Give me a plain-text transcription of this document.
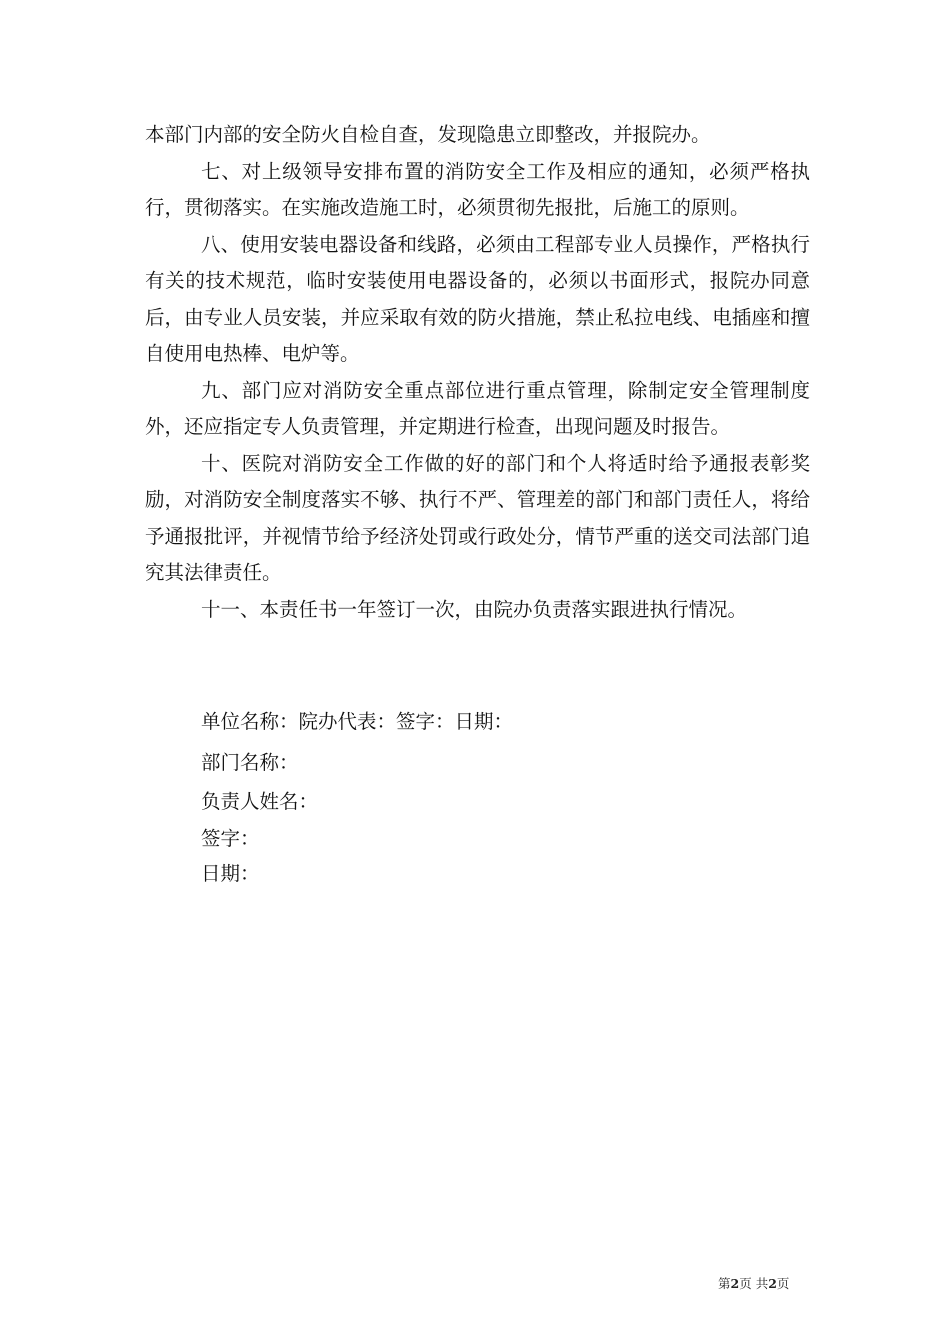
本部门内部的安全防火自检自查，发现隐患立即整改，并报院办。

七、对上级领导安排布置的消防安全工作及相应的通知，必须严格执行，贯彻落实。在实施改造施工时，必须贯彻先报批，后施工的原则。

八、使用安装电器设备和线路，必须由工程部专业人员操作，严格执行有关的技术规范，临时安装使用电器设备的，必须以书面形式，报院办同意后，由专业人员安装，并应采取有效的防火措施，禁止私拉电线、电插座和擅自使用电热棒、电炉等。

九、部门应对消防安全重点部位进行重点管理，除制定安全管理制度外，还应指定专人负责管理，并定期进行检查，出现问题及时报告。

十、医院对消防安全工作做的好的部门和个人将适时给予通报表彰奖励，对消防安全制度落实不够、执行不严、管理差的部门和部门责任人，将给予通报批评，并视情节给予经济处罚或行政处分，情节严重的送交司法部门追究其法律责任。

十一、本责任书一年签订一次，由院办负责落实跟进执行情况。

单位名称：院办代表：签字：日期：
部门名称：
负责人姓名：
签字：
日期：
第2页 共2页
